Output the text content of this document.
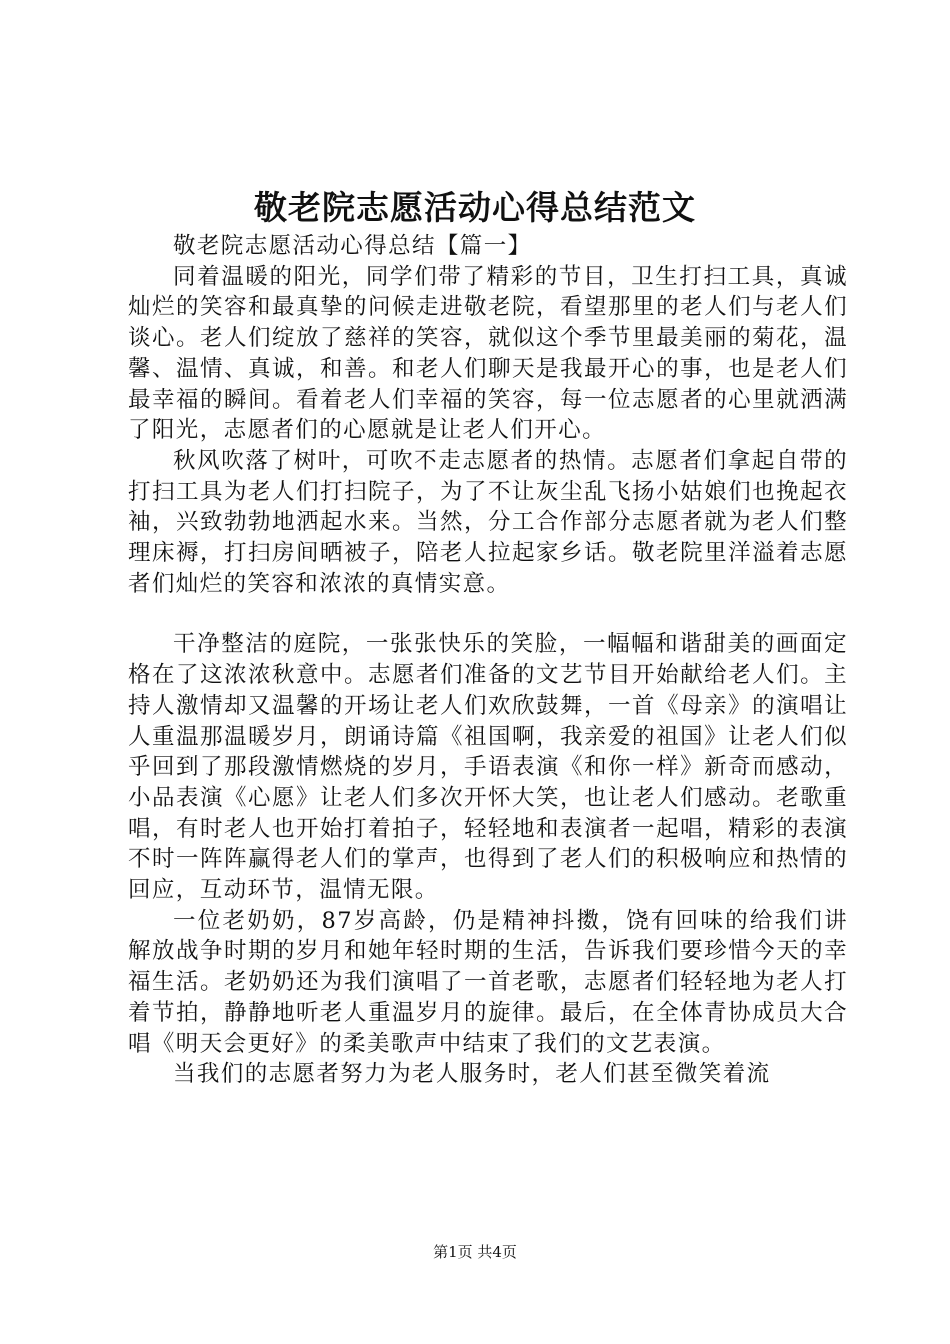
敬老院志愿活动心得总结范文

敬老院志愿活动心得总结【篇一】

同着温暖的阳光，同学们带了精彩的节目，卫生打扫工具，真诚灿烂的笑容和最真挚的问候走进敬老院，看望那里的老人们与老人们谈心。老人们绽放了慈祥的笑容，就似这个季节里最美丽的菊花，温馨、温情、真诚，和善。和老人们聊天是我最开心的事，也是老人们最幸福的瞬间。看着老人们幸福的笑容，每一位志愿者的心里就洒满了阳光，志愿者们的心愿就是让老人们开心。

秋风吹落了树叶，可吹不走志愿者的热情。志愿者们拿起自带的打扫工具为老人们打扫院子，为了不让灰尘乱飞扬小姑娘们也挽起衣袖，兴致勃勃地洒起水来。当然，分工合作部分志愿者就为老人们整理床褥，打扫房间晒被子，陪老人拉起家乡话。敬老院里洋溢着志愿者们灿烂的笑容和浓浓的真情实意。

干净整洁的庭院，一张张快乐的笑脸，一幅幅和谐甜美的画面定格在了这浓浓秋意中。志愿者们准备的文艺节目开始献给老人们。主持人激情却又温馨的开场让老人们欢欣鼓舞，一首《母亲》的演唱让人重温那温暖岁月，朗诵诗篇《祖国啊，我亲爱的祖国》让老人们似乎回到了那段激情燃烧的岁月，手语表演《和你一样》新奇而感动，小品表演《心愿》让老人们多次开怀大笑，也让老人们感动。老歌重唱，有时老人也开始打着拍子，轻轻地和表演者一起唱，精彩的表演不时一阵阵赢得老人们的掌声，也得到了老人们的积极响应和热情的回应，互动环节，温情无限。

一位老奶奶，87岁高龄，仍是精神抖擞，饶有回味的给我们讲解放战争时期的岁月和她年轻时期的生活，告诉我们要珍惜今天的幸福生活。老奶奶还为我们演唱了一首老歌，志愿者们轻轻地为老人打着节拍，静静地听老人重温岁月的旋律。最后，在全体青协成员大合唱《明天会更好》的柔美歌声中结束了我们的文艺表演。

当我们的志愿者努力为老人服务时，老人们甚至微笑着流

第1页 共4页
